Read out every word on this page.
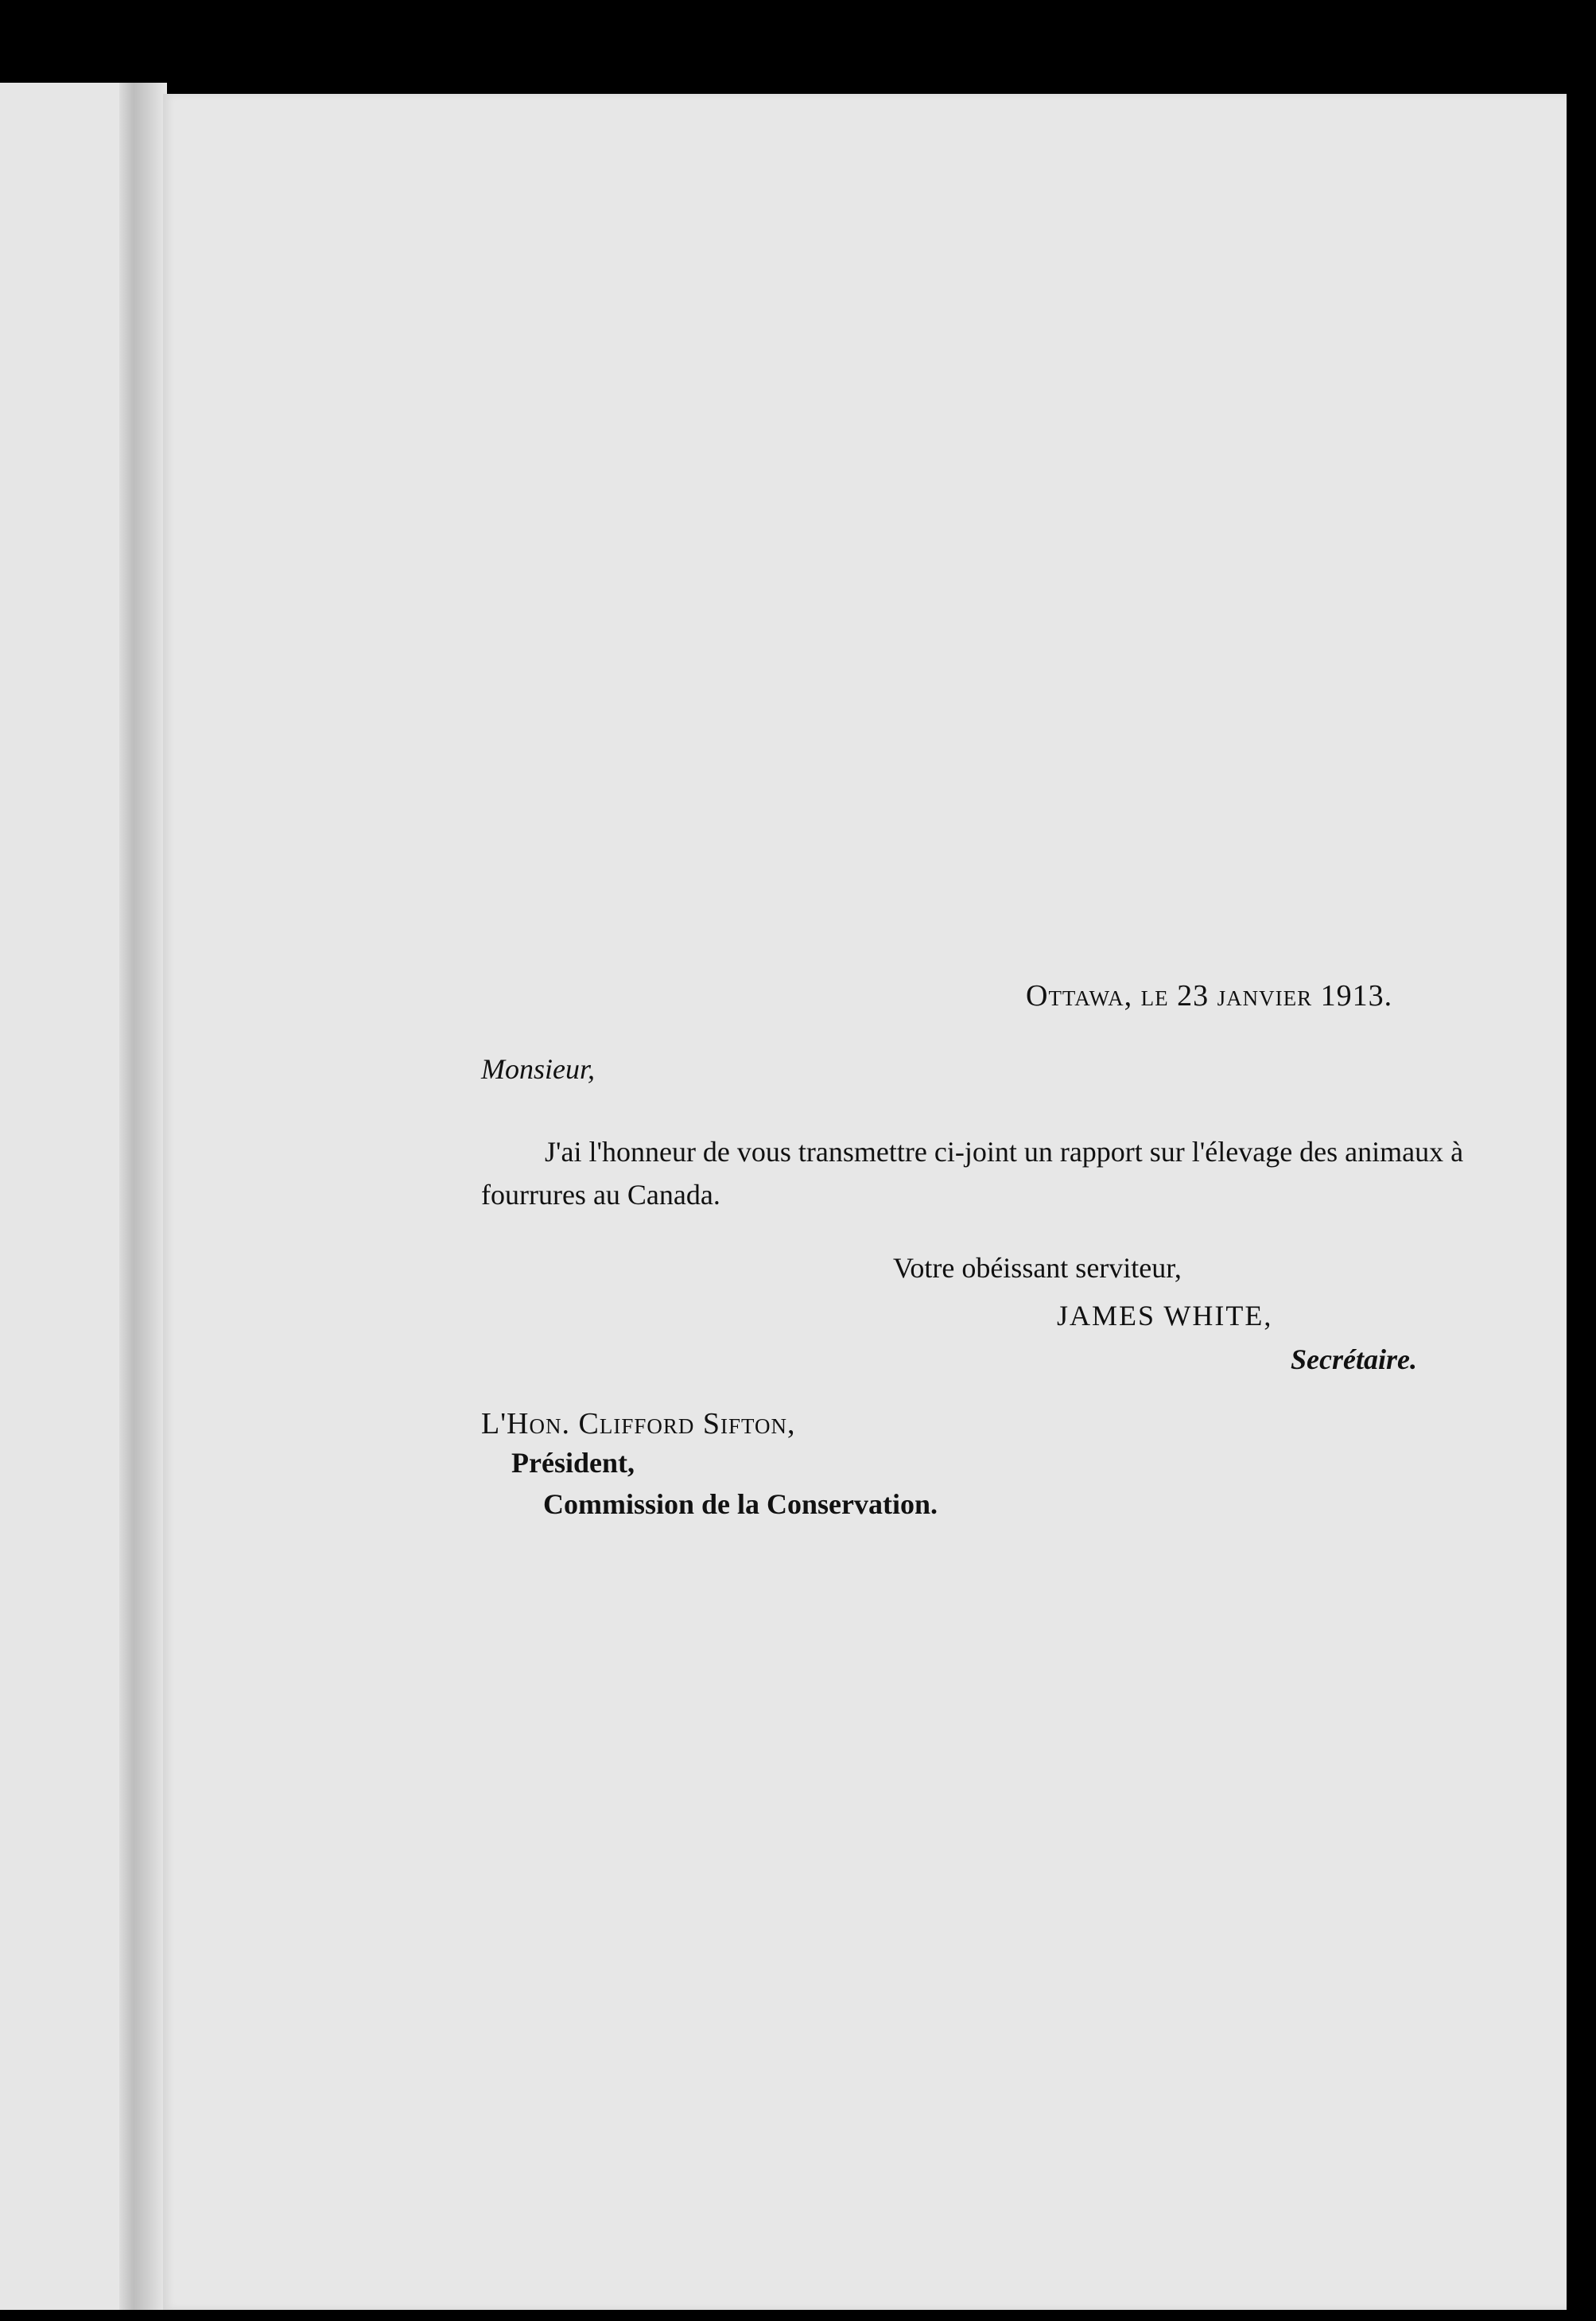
Ottawa, le 23 janvier 1913.
Monsieur,
J'ai l'honneur de vous transmettre ci-joint un rapport sur l'élevage des animaux à fourrures au Canada.
Votre obéissant serviteur,
JAMES WHITE,
Secrétaire.
L'Hon. Clifford Sifton,
Président,
Commission de la Conservation.
